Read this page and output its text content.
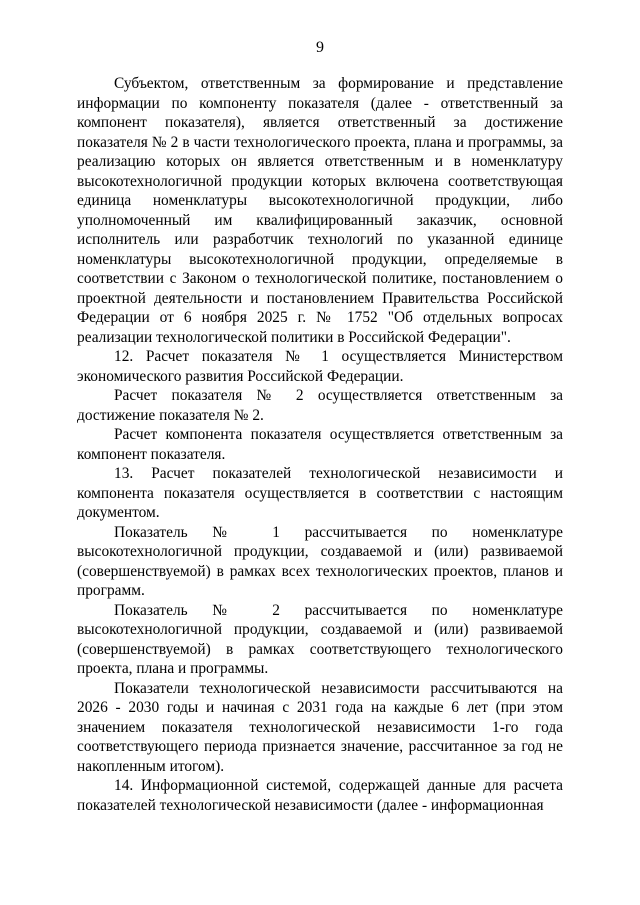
9

Субъектом, ответственным за формирование и представление информации по компоненту показателя (далее - ответственный за компонент показателя), является ответственный за достижение показателя № 2 в части технологического проекта, плана и программы, за реализацию которых он является ответственным и в номенклатуру высокотехнологичной продукции которых включена соответствующая единица номенклатуры высокотехнологичной продукции, либо уполномоченный им квалифицированный заказчик, основной исполнитель или разработчик технологий по указанной единице номенклатуры высокотехнологичной продукции, определяемые в соответствии с Законом о технологической политике, постановлением о проектной деятельности и постановлением Правительства Российской Федерации от 6 ноября 2025 г. № 1752 "Об отдельных вопросах реализации технологической политики в Российской Федерации".

12. Расчет показателя № 1 осуществляется Министерством экономического развития Российской Федерации.

Расчет показателя № 2 осуществляется ответственным за достижение показателя № 2.

Расчет компонента показателя осуществляется ответственным за компонент показателя.

13. Расчет показателей технологической независимости и компонента показателя осуществляется в соответствии с настоящим документом.

Показатель № 1 рассчитывается по номенклатуре высокотехнологичной продукции, создаваемой и (или) развиваемой (совершенствуемой) в рамках всех технологических проектов, планов и программ.

Показатель № 2 рассчитывается по номенклатуре высокотехнологичной продукции, создаваемой и (или) развиваемой (совершенствуемой) в рамках соответствующего технологического проекта, плана и программы.

Показатели технологической независимости рассчитываются на 2026 - 2030 годы и начиная с 2031 года на каждые 6 лет (при этом значением показателя технологической независимости 1-го года соответствующего периода признается значение, рассчитанное за год не накопленным итогом).

14. Информационной системой, содержащей данные для расчета показателей технологической независимости (далее - информационная
